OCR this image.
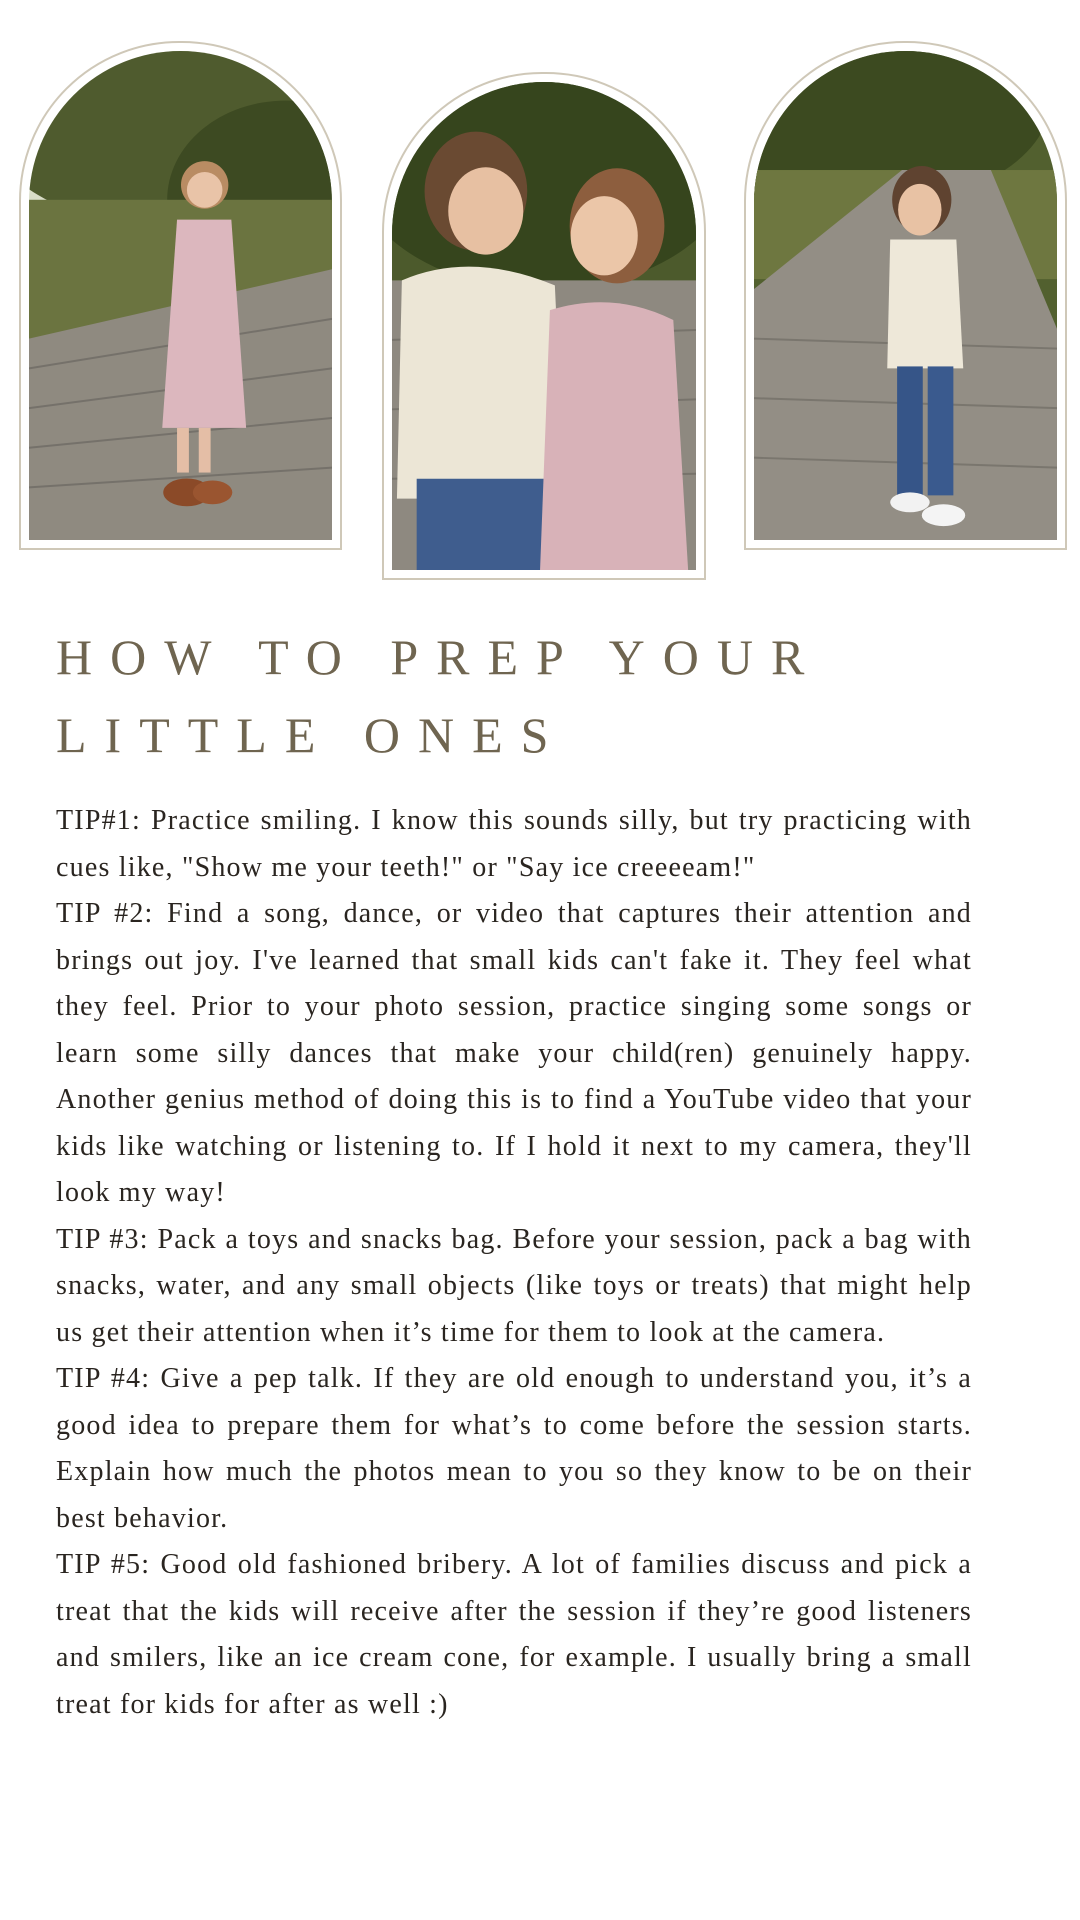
HOW TO PREP YOUR
LITTLE ONES

TIP#1: Practice smiling. I know this sounds silly, but try practicing with cues like, "Show me your teeth!" or "Say ice creeeeam!"

TIP #2: Find a song, dance, or video that captures their attention and brings out joy. I've learned that small kids can't fake it. They feel what they feel. Prior to your photo session, practice singing some songs or learn some silly dances that make your child(ren) genuinely happy. Another genius method of doing this is to find a YouTube video that your kids like watching or listening to. If I hold it next to my camera, they'll look my way!

TIP #3: Pack a toys and snacks bag. Before your session, pack a bag with snacks, water, and any small objects (like toys or treats) that might help us get their attention when it’s time for them to look at the camera.

TIP #4: Give a pep talk. If they are old enough to understand you, it’s a good idea to prepare them for what’s to come before the session starts. Explain how much the photos mean to you so they know to be on their best behavior.

TIP #5: Good old fashioned bribery. A lot of families discuss and pick a treat that the kids will receive after the session if they’re good listeners and smilers, like an ice cream cone, for example. I usually bring a small treat for kids for after as well :)
